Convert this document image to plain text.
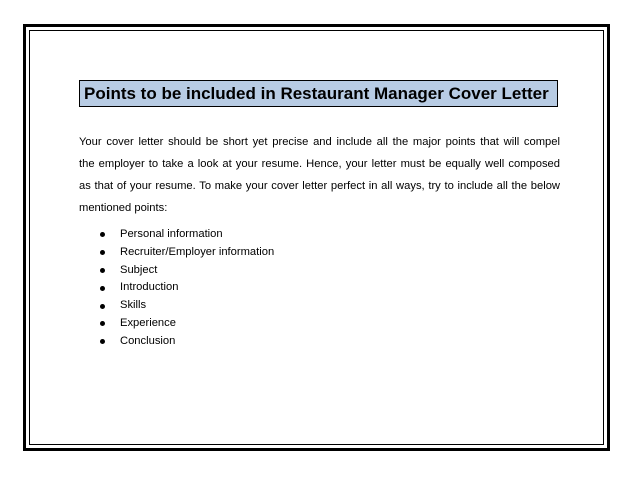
Points to be included in Restaurant Manager Cover Letter
Your cover letter should be short yet precise and include all the major points that will compel
the employer to take a look at your resume. Hence, your letter must be equally well composed
as that of your resume. To make your cover letter perfect in all ways, try to include all the below
mentioned points:
Personal information
Recruiter/Employer information
Subject
Introduction
Skills
Experience
Conclusion
